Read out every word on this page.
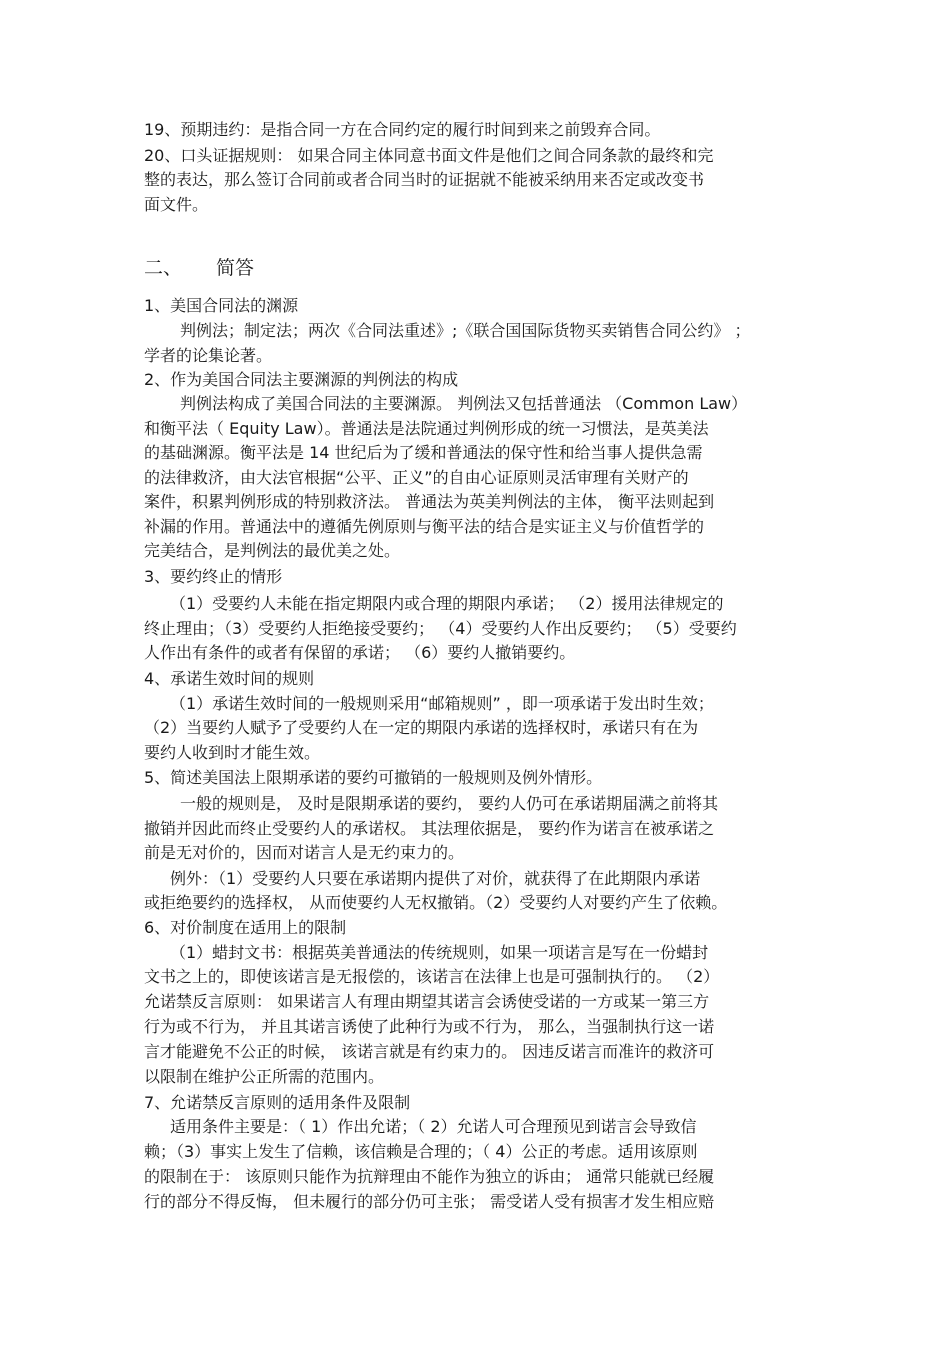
19、预期违约：是指合同一方在合同约定的履行时间到来之前毁弃合同。
20、口头证据规则： 如果合同主体同意书面文件是他们之间合同条款的最终和完
整的表达，那么签订合同前或者合同当时的证据就不能被采纳用来否定或改变书
面文件。
二、 简答
1、美国合同法的渊源
判例法；制定法；两次《合同法重述》;《联合国国际货物买卖销售合同公约》 ；
学者的论集论著。
2、作为美国合同法主要渊源的判例法的构成
判例法构成了美国合同法的主要渊源。 判例法又包括普通法 （Common Law）
和衡平法（ Equity Law）。普通法是法院通过判例形成的统一习惯法，是英美法
的基础渊源。衡平法是 14 世纪后为了缓和普通法的保守性和给当事人提供急需
的法律救济，由大法官根据“公平、正义”的自由心证原则灵活审理有关财产的
案件，积累判例形成的特别救济法。 普通法为英美判例法的主体， 衡平法则起到
补漏的作用。普通法中的遵循先例原则与衡平法的结合是实证主义与价值哲学的
完美结合，是判例法的最优美之处。
3、要约终止的情形
（1）受要约人未能在指定期限内或合理的期限内承诺； （2）援用法律规定的
终止理由；（3）受要约人拒绝接受要约； （4）受要约人作出反要约； （5）受要约
人作出有条件的或者有保留的承诺； （6）要约人撤销要约。
4、承诺生效时间的规则
（1）承诺生效时间的一般规则采用“邮箱规则” ，即一项承诺于发出时生效；
（2）当要约人赋予了受要约人在一定的期限内承诺的选择权时，承诺只有在为
要约人收到时才能生效。
5、简述美国法上限期承诺的要约可撤销的一般规则及例外情形。
一般的规则是， 及时是限期承诺的要约， 要约人仍可在承诺期届满之前将其
撤销并因此而终止受要约人的承诺权。 其法理依据是， 要约作为诺言在被承诺之
前是无对价的，因而对诺言人是无约束力的。
例外：（1）受要约人只要在承诺期内提供了对价，就获得了在此期限内承诺
或拒绝要约的选择权， 从而使要约人无权撤销。（2）受要约人对要约产生了依赖。
6、对价制度在适用上的限制
（1）蜡封文书：根据英美普通法的传统规则，如果一项诺言是写在一份蜡封
文书之上的，即使该诺言是无报偿的，该诺言在法律上也是可强制执行的。 （2）
允诺禁反言原则： 如果诺言人有理由期望其诺言会诱使受诺的一方或某一第三方
行为或不行为， 并且其诺言诱使了此种行为或不行为， 那么，当强制执行这一诺
言才能避免不公正的时候， 该诺言就是有约束力的。 因违反诺言而准许的救济可
以限制在维护公正所需的范围内。
7、允诺禁反言原则的适用条件及限制
适用条件主要是：（ 1）作出允诺；（ 2）允诺人可合理预见到诺言会导致信
赖；（3）事实上发生了信赖，该信赖是合理的；（ 4）公正的考虑。适用该原则
的限制在于： 该原则只能作为抗辩理由不能作为独立的诉由； 通常只能就已经履
行的部分不得反悔， 但未履行的部分仍可主张； 需受诺人受有损害才发生相应赔
